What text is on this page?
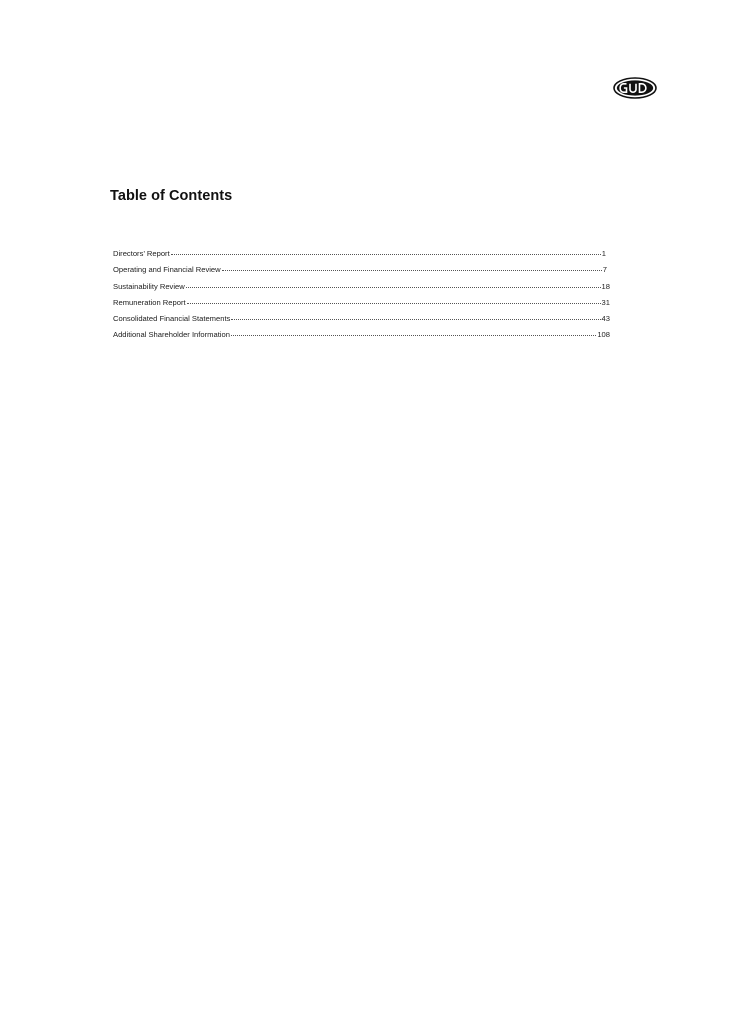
Table of Contents
Directors’ Report	1
Operating and Financial Review	7
Sustainability Review	18
Remuneration Report	31
Consolidated Financial Statements	43
Additional Shareholder Information	108
